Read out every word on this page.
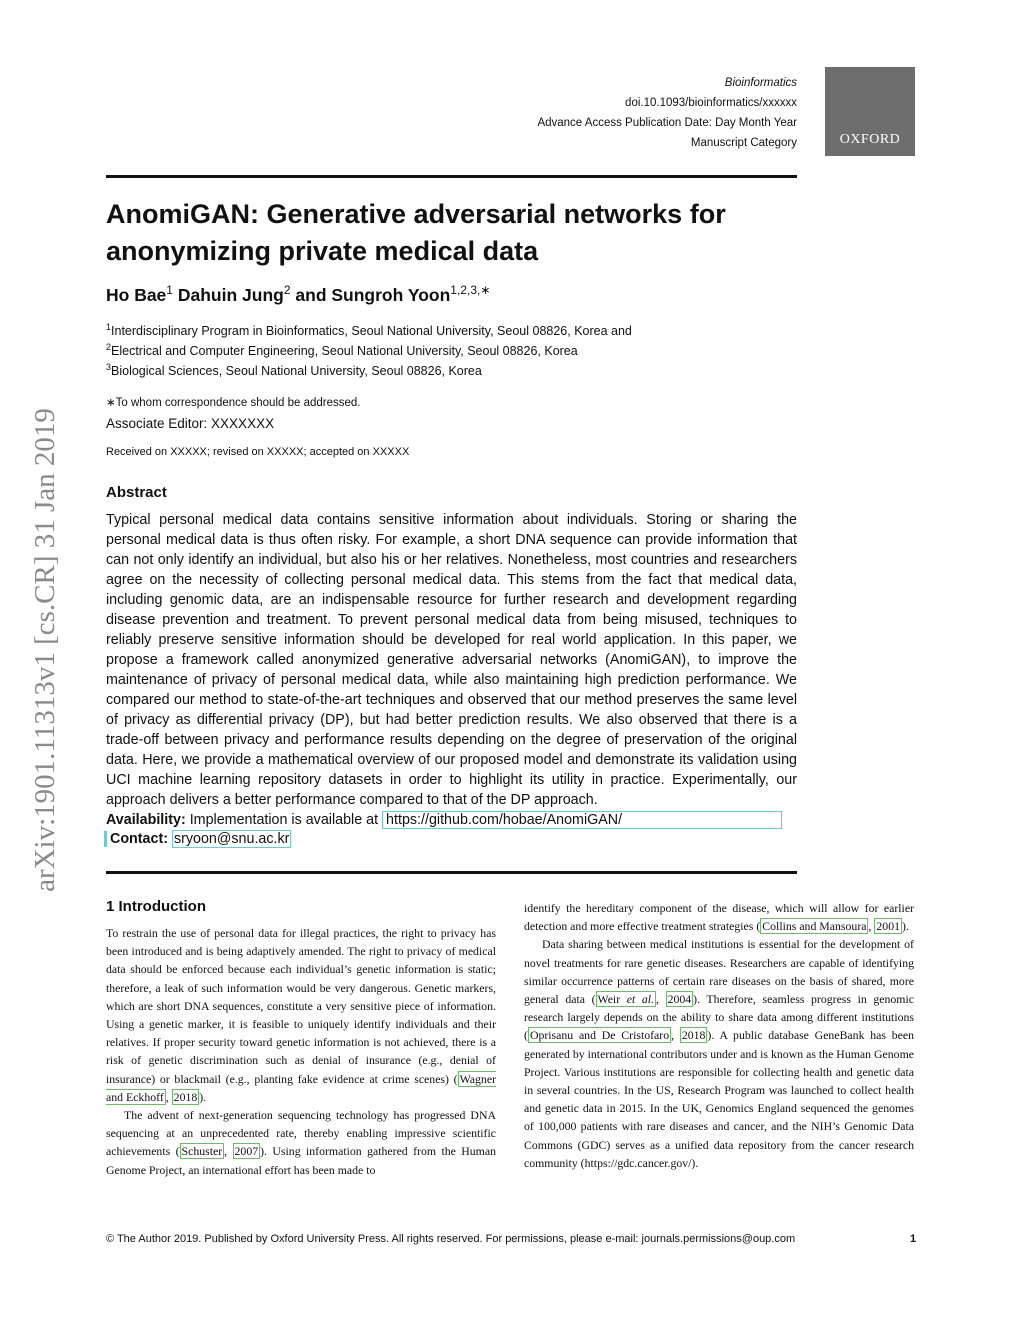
Bioinformatics
doi.10.1093/bioinformatics/xxxxxx
Advance Access Publication Date: Day Month Year
Manuscript Category	OXFORD
arXiv:1901.11313v1 [cs.CR] 31 Jan 2019
AnomiGAN: Generative adversarial networks for anonymizing private medical data
Ho Bae$^1$ Dahuin Jung$^2$ and Sungroh Yoon$^{1,2,3,∗}$
$^1$Interdisciplinary Program in Bioinformatics, Seoul National University, Seoul 08826, Korea and
$^2$Electrical and Computer Engineering, Seoul National University, Seoul 08826, Korea
$^3$Biological Sciences, Seoul National University, Seoul 08826, Korea
∗To whom correspondence should be addressed.
Associate Editor: XXXXXXX
Received on XXXXX; revised on XXXXX; accepted on XXXXX
Abstract
Typical personal medical data contains sensitive information about individuals. Storing or sharing the personal medical data is thus often risky. For example, a short DNA sequence can provide information that can not only identify an individual, but also his or her relatives. Nonetheless, most countries and researchers agree on the necessity of collecting personal medical data. This stems from the fact that medical data, including genomic data, are an indispensable resource for further research and development regarding disease prevention and treatment. To prevent personal medical data from being misused, techniques to reliably preserve sensitive information should be developed for real world application. In this paper, we propose a framework called anonymized generative adversarial networks (AnomiGAN), to improve the maintenance of privacy of personal medical data, while also maintaining high prediction performance. We compared our method to state-of-the-art techniques and observed that our method preserves the same level of privacy as differential privacy (DP), but had better prediction results. We also observed that there is a trade-off between privacy and performance results depending on the degree of preservation of the original data. Here, we provide a mathematical overview of our proposed model and demonstrate its validation using UCI machine learning repository datasets in order to highlight its utility in practice. Experimentally, our approach delivers a better performance compared to that of the DP approach.
Availability: Implementation is available at https://github.com/hobae/AnomiGAN/
Contact: sryoon@snu.ac.kr
1 Introduction

To restrain the use of personal data for illegal practices, the right to privacy has been introduced and is being adaptively amended. The right to privacy of medical data should be enforced because each individual’s genetic information is static; therefore, a leak of such information would be very dangerous. Genetic markers, which are short DNA sequences, constitute a very sensitive piece of information. Using a genetic marker, it is feasible to uniquely identify individuals and their relatives. If proper security toward genetic information is not achieved, there is a risk of genetic discrimination such as denial of insurance (e.g., denial of insurance) or blackmail (e.g., planting fake evidence at crime scenes) ( Wagner and Eckhoff , 2018 ).

The advent of next-generation sequencing technology has progressed DNA sequencing at an unprecedented rate, thereby enabling impressive scientific achievements ( Schuster , 2007 ). Using information gathered from the Human Genome Project, an international effort has been made to

identify the hereditary component of the disease, which will allow for earlier detection and more effective treatment strategies ( Collins and Mansoura , 2001 ).

Data sharing between medical institutions is essential for the development of novel treatments for rare genetic diseases. Researchers are capable of identifying similar occurrence patterns of certain rare diseases on the basis of shared, more general data ( Weir et al. , 2004 ). Therefore, seamless progress in genomic research largely depends on the ability to share data among different institutions ( Oprisanu and De Cristofaro , 2018 ). A public database GeneBank has been generated by international contributors under and is known as the Human Genome Project. Various institutions are responsible for collecting health and genetic data in several countries. In the US, Research Program was launched to collect health and genetic data in 2015. In the UK, Genomics England sequenced the genomes of 100,000 patients with rare diseases and cancer, and the NIH’s Genomic Data Commons (GDC) serves as a unified data repository from the cancer research community (https://gdc.cancer.gov/).

© The Author 2019. Published by Oxford University Press. All rights reserved. For permissions, please e-mail: journals.permissions@oup.com	1
